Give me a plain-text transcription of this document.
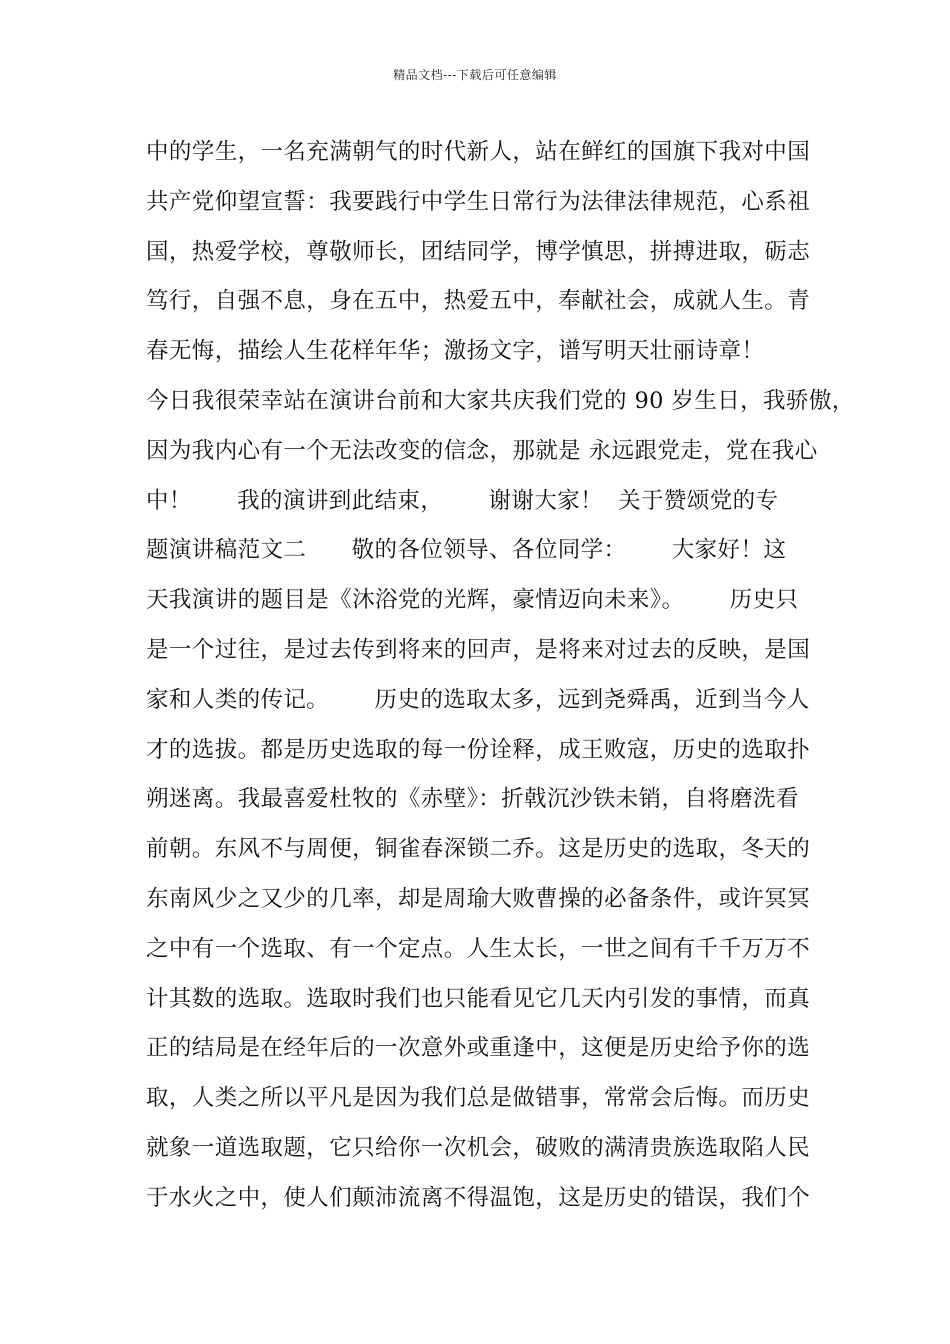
精品文档---下载后可任意编辑
中的学生，一名充满朝气的时代新人，站在鲜红的国旗下我对中国
共产党仰望宣誓：我要践行中学生日常行为法律法律规范，心系祖
国，热爱学校，尊敬师长，团结同学，博学慎思，拼搏进取，砺志
笃行，自强不息，身在五中，热爱五中，奉献社会，成就人生。青
春无悔，描绘人生花样年华；激扬文字，谱写明天壮丽诗章！
今日我很荣幸站在演讲台前和大家共庆我们党的 90 岁生日，我骄傲，
因为我内心有一个无法改变的信念，那就是 永远跟党走，党在我心
中！      我的演讲到此结束，      谢谢大家！  关于赞颂党的专
题演讲稿范文二      敬的各位领导、各位同学：      大家好！这
天我演讲的题目是《沐浴党的光辉，豪情迈向未来》。      历史只
是一个过往，是过去传到将来的回声，是将来对过去的反映，是国
家和人类的传记。      历史的选取太多，远到尧舜禹，近到当今人
才的选拔。都是历史选取的每一份诠释，成王败寇，历史的选取扑
朔迷离。我最喜爱杜牧的《赤壁》：折戟沉沙铁未销，自将磨洗看
前朝。东风不与周便，铜雀春深锁二乔。这是历史的选取，冬天的
东南风少之又少的几率，却是周瑜大败曹操的必备条件，或许冥冥
之中有一个选取、有一个定点。人生太长，一世之间有千千万万不
计其数的选取。选取时我们也只能看见它几天内引发的事情，而真
正的结局是在经年后的一次意外或重逢中，这便是历史给予你的选
取，人类之所以平凡是因为我们总是做错事，常常会后悔。而历史
就象一道选取题，它只给你一次机会，破败的满清贵族选取陷人民
于水火之中，使人们颠沛流离不得温饱，这是历史的错误，我们个
